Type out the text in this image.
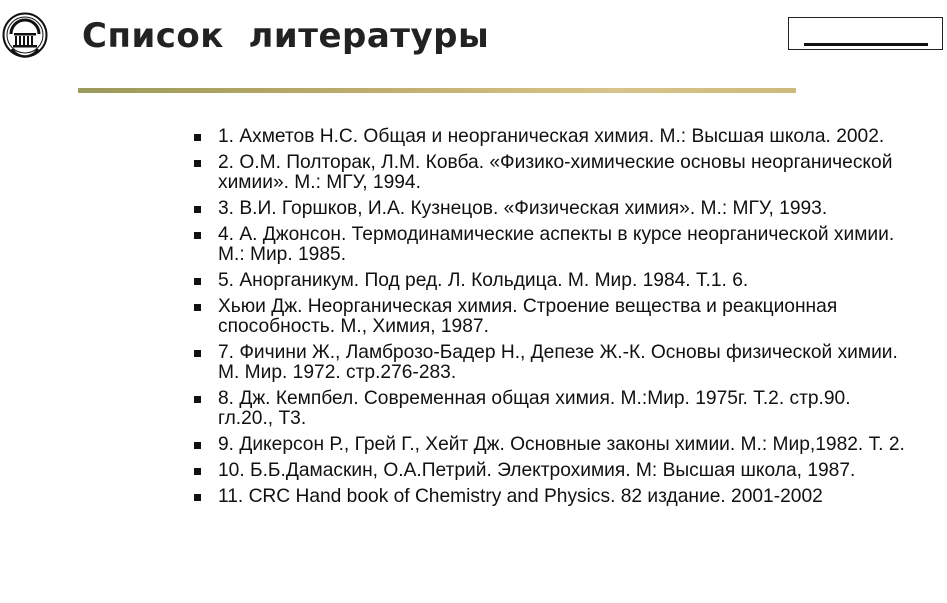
Список  литературы
1. Ахметов Н.С. Общая и неорганическая химия. М.: Высшая школа. 2002.
2. О.М. Полторак, Л.М. Ковба. «Физико-химические основы неорганической химии». М.: МГУ, 1994.
3. В.И. Горшков, И.А. Кузнецов. «Физическая химия». М.: МГУ, 1993.
4. А. Джонсон. Термодинамические аспекты в курсе неорганической химии. М.: Мир. 1985.
5. Анорганикум. Под ред. Л. Кольдица. М. Мир. 1984. Т.1. 6.
Хьюи Дж. Неорганическая химия. Строение вещества и реакционная способность. М., Химия, 1987.
7. Фичини Ж., Ламброзо-Бадер Н., Депезе Ж.-К. Основы физической химии. М. Мир. 1972. стр.276-283.
8. Дж. Кемпбел. Современная общая химия. М.:Мир. 1975г. Т.2. стр.90. гл.20., Т3.
9. Дикерсон Р., Грей Г., Хейт Дж. Основные законы химии. М.: Мир,1982. Т. 2.
10. Б.Б.Дамаскин, О.А.Петрий. Электрохимия. М: Высшая школа, 1987.
11. CRC Hand book of Chemistry and Physics. 82 издание. 2001-2002
